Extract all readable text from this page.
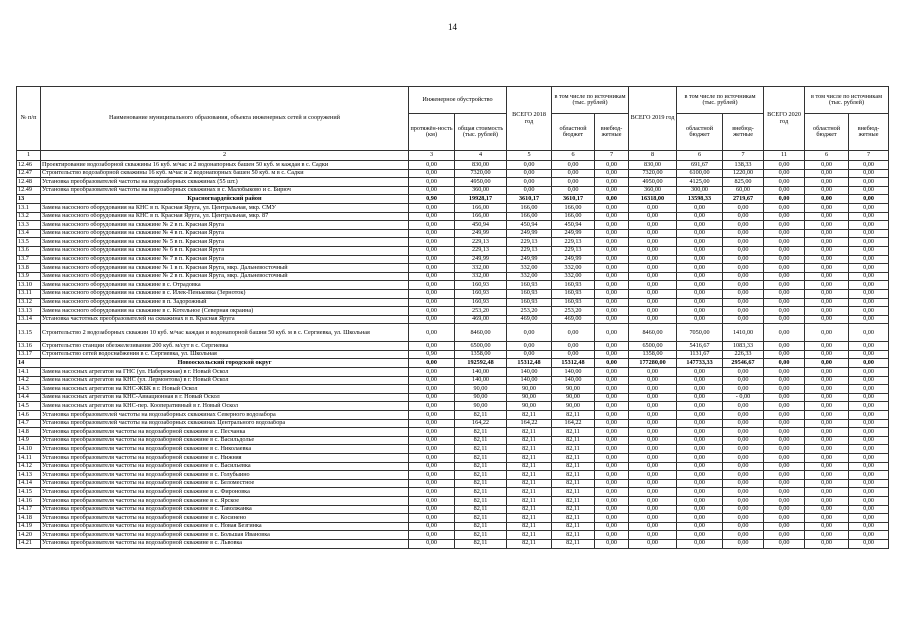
14
№ п/п	Наименование муниципального образования, объекта инженерных сетей и сооружений	Инженерное обустройство		ВСЕГО 2018 год	в том числе по источникам (тыс. рублей)		ВСЕГО 2019 год	в том числе по источникам (тыс. рублей)		ВСЕГО 2020 год	в том числе по источникам (тыс. рублей)	
		протяжён-ность (км)	общая стоимость (тыс. рублей)		областной бюджет	внебюд-жетные		областной бюджет	внебюд-жетные		областной бюджет	внебюд-жетные
1	2	3	4	5	6	7	8	6	7	11	6	7
12.46	Проектирование водозаборной скважины 16 куб. м/час и 2 водонапорных башен 50 куб. м каждая в с. Садки	0,00	830,00	0,00	0,00	0,00	830,00	691,67	138,33	0,00	0,00	0,00
12.47	Строительство водозаборной скважины 16 куб. м/час и 2 водонапорных башен 50 куб. м в с. Садки	0,00	7320,00	0,00	0,00	0,00	7320,00	6100,00	1220,00	0,00	0,00	0,00
12.48	Установка преобразователей частоты на водозаборных скважинах (55 шт.)	0,00	4950,00	0,00	0,00	0,00	4950,00	4125,00	825,00	0,00	0,00	0,00
12.49	Установка преобразователей частоты на водозаборных скважинах в с. Малобыково и с. Бирюч	0,00	360,00	0,00	0,00	0,00	360,00	300,00	60,00	0,00	0,00	0,00
13	Красногвардейский район	0,90	19928,17	3610,17	3610,17	0,00	16318,00	13598,33	2719,67	0,00	0,00	0,00
13.1	Замена насосного оборудования на КНС в п. Красная Яруга, ул. Центральная, мкр. СМУ	0,00	166,00	166,00	166,00	0,00	0,00	0,00	0,00	0,00	0,00	0,00
13.2	Замена насосного оборудования на КНС в п. Красная Яруга, ул. Центральная, мкр. 87	0,00	166,00	166,00	166,00	0,00	0,00	0,00	0,00	0,00	0,00	0,00
13.3	Замена насосного оборудования на скважине № 2 в п. Красная Яруга	0,00	450,94	450,94	450,94	0,00	0,00	0,00	0,00	0,00	0,00	0,00
13.4	Замена насосного оборудования на скважине № 4 в п. Красная Яруга	0,00	249,99	249,99	249,99	0,00	0,00	0,00	0,00	0,00	0,00	0,00
13.5	Замена насосного оборудования на скважине № 5 в п. Красная Яруга	0,00	229,13	229,13	229,13	0,00	0,00	0,00	0,00	0,00	0,00	0,00
13.6	Замена насосного оборудования на скважине № 6 в п. Красная Яруга	0,00	229,13	229,13	229,13	0,00	0,00	0,00	0,00	0,00	0,00	0,00
13.7	Замена насосного оборудования на скважине № 7 в п. Красная Яруга	0,00	249,99	249,99	249,99	0,00	0,00	0,00	0,00	0,00	0,00	0,00
13.8	Замена насосного оборудования на скважине № 1 в п. Красная Яруга, мкр. Дальневосточный	0,00	332,00	332,00	332,00	0,00	0,00	0,00	0,00	0,00	0,00	0,00
13.9	Замена насосного оборудования на скважине № 2 в п. Красная Яруга, мкр. Дальневосточный	0,00	332,00	332,00	332,00	0,00	0,00	0,00	0,00	0,00	0,00	0,00
13.10	Замена насосного оборудования на скважине в с. Отрадовка	0,00	160,93	160,93	160,93	0,00	0,00	0,00	0,00	0,00	0,00	0,00
13.11	Замена насосного оборудования на скважине в с. Илек-Пеньковка (Зерноток)	0,00	160,93	160,93	160,93	0,00	0,00	0,00	0,00	0,00	0,00	0,00
13.12	Замена насосного оборудования на скважине в п. Задорожный	0,00	160,93	160,93	160,93	0,00	0,00	0,00	0,00	0,00	0,00	0,00
13.13	Замена насосного оборудования на скважине в с. Котельное (Северная окраина)	0,00	253,20	253,20	253,20	0,00	0,00	0,00	0,00	0,00	0,00	0,00
13.14	Установка частотных преобразователей на скважинах в п. Красная Яруга	0,00	469,00	469,00	469,00	0,00	0,00	0,00	0,00	0,00	0,00	0,00
13.15	Строительство 2 водозаборных скважин 10 куб. м/час каждая и водонапорной башни 50 куб. м в с. Сергиевка, ул. Школьная	0,00	8460,00	0,00	0,00	0,00	8460,00	7050,00	1410,00	0,00	0,00	0,00
13.16	Строительство станции обезжелезивания 200 куб. м/сут в с. Сергиевка	0,00	6500,00	0,00	0,00	0,00	6500,00	5416,67	1083,33	0,00	0,00	0,00
13.17	Строительство сетей водоснабжения в с. Сергиевка, ул. Школьная	0,90	1358,00	0,00	0,00	0,00	1358,00	1131,67	226,33	0,00	0,00	0,00
14	Новооскольский городской округ	0,00	192592,48	15312,48	15312,48	0,00	177280,00	147733,33	29546,67	0,00	0,00	0,00
14.1	Замена насосных агрегатов на ГНС (ул. Набережная) в г. Новый Оскол	0,00	140,00	140,00	140,00	0,00	0,00	0,00	0,00	0,00	0,00	0,00
14.2	Замена насосных агрегатов на КНС (ул. Лермонтова) в г. Новый Оскол	0,00	140,00	140,00	140,00	0,00	0,00	0,00	0,00	0,00	0,00	0,00
14.3	Замена насосных агрегатов на КНС-ЖБК в г. Новый Оскол	0,00	90,00	90,00	90,00	0,00	0,00	0,00	0,00	0,00	0,00	0,00
14.4	Замена насосных агрегатов на КНС-Авиационная в г. Новый Оскол	0,00	90,00	90,00	90,00	0,00	0,00	0,00	- 0,00	0,00	0,00	0,00
14.5	Замена насосных агрегатов на КНС-пер. Кооперативный в г. Новый Оскол	0,00	90,00	90,00	90,00	0,00	0,00	0,00	0,00	0,00	0,00	0,00
14.6	Установка преобразователей частоты на водозаборных скважинах Северного водозабора	0,00	82,11	82,11	82,11	0,00	0,00	0,00	0,00	0,00	0,00	0,00
14.7	Установка преобразователей частоты на водозаборных скважинах Центрального водозабора	0,00	164,22	164,22	164,22	0,00	0,00	0,00	0,00	0,00	0,00	0,00
14.8	Установка преобразователя частоты на водозаборной скважине в с. Песчанка	0,00	82,11	82,11	82,11	0,00	0,00	0,00	0,00	0,00	0,00	0,00
14.9	Установка преобразователя частоты на водозаборной скважине в с. Васильдолье	0,00	82,11	82,11	82,11	0,00	0,00	0,00	0,00	0,00	0,00	0,00
14.10	Установка преобразователя частоты на водозаборной скважине в с. Николаевка	0,00	82,11	82,11	82,11	0,00	0,00	0,00	0,00	0,00	0,00	0,00
14.11	Установка преобразователя частоты на водозаборной скважине в с. Нижняя	0,00	82,11	82,11	82,11	0,00	0,00	0,00	0,00	0,00	0,00	0,00
14.12	Установка преобразователя частоты на водозаборной скважине в с. Васильевка	0,00	82,11	82,11	82,11	0,00	0,00	0,00	0,00	0,00	0,00	0,00
14.13	Установка преобразователя частоты на водозаборной скважине в с. Голубыино	0,00	82,11	82,11	82,11	0,00	0,00	0,00	0,00	0,00	0,00	0,00
14.14	Установка преобразователя частоты на водозаборной скважине в с. Беломестное	0,00	82,11	82,11	82,11	0,00	0,00	0,00	0,00	0,00	0,00	0,00
14.15	Установка преобразователя частоты на водозаборной скважине в с. Фироновка	0,00	82,11	82,11	82,11	0,00	0,00	0,00	0,00	0,00	0,00	0,00
14.16	Установка преобразователя частоты на водозаборной скважине в с. Ярское	0,00	82,11	82,11	82,11	0,00	0,00	0,00	0,00	0,00	0,00	0,00
14.17	Установка преобразователя частоты на водозаборной скважине в с. Таволжанка	0,00	82,11	82,11	82,11	0,00	0,00	0,00	0,00	0,00	0,00	0,00
14.18	Установка преобразователя частоты на водозаборной скважине в с. Косинено	0,00	82,11	82,11	82,11	0,00	0,00	0,00	0,00	0,00	0,00	0,00
14.19	Установка преобразователя частоты на водозаборной скважине в с. Новая Безгинка	0,00	82,11	82,11	82,11	0,00	0,00	0,00	0,00	0,00	0,00	0,00
14.20	Установка преобразователя частоты на водозаборной скважине в с. Большая Ивановка	0,00	82,11	82,11	82,11	0,00	0,00	0,00	0,00	0,00	0,00	0,00
14.21	Установка преобразователя частоты на водозаборной скважине в с. Львовка	0,00	82,11	82,11	82,11	0,00	0,00	0,00	0,00	0,00	0,00	0,00
